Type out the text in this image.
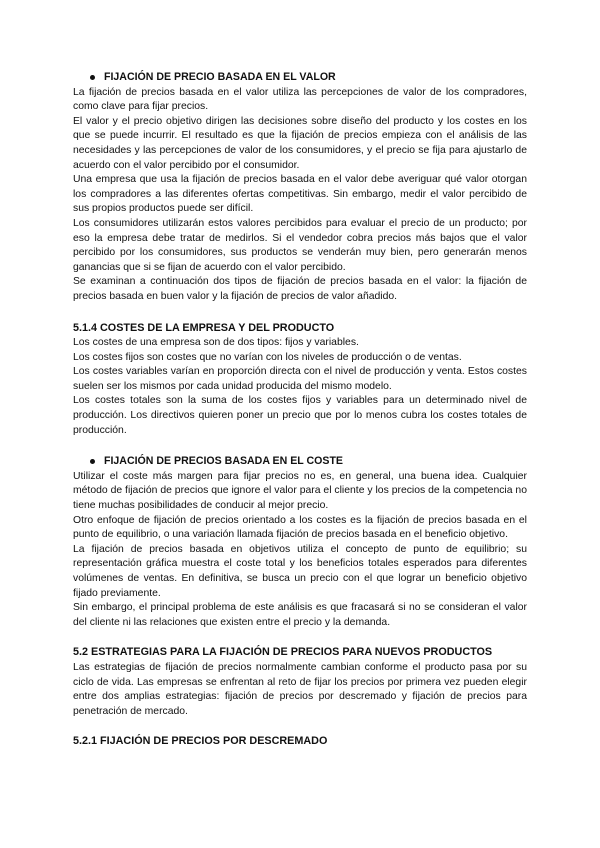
FIJACIÓN DE PRECIO BASADA EN EL VALOR

La fijación de precios basada en el valor utiliza las percepciones de valor de los compradores, como clave para fijar precios.

El valor y el precio objetivo dirigen las decisiones sobre diseño del producto y los costes en los que se puede incurrir. El resultado es que la fijación de precios empieza con el análisis de las necesidades y las percepciones de valor de los consumidores, y el precio se fija para ajustarlo de acuerdo con el valor percibido por el consumidor.

Una empresa que usa la fijación de precios basada en el valor debe averiguar qué valor otorgan los compradores a las diferentes ofertas competitivas. Sin embargo, medir el valor percibido de sus propios productos puede ser difícil.

Los consumidores utilizarán estos valores percibidos para evaluar el precio de un producto; por eso la empresa debe tratar de medirlos. Si el vendedor cobra precios más bajos que el valor percibido por los consumidores, sus productos se venderán muy bien, pero generarán menos ganancias que si se fijan de acuerdo con el valor percibido.

Se examinan a continuación dos tipos de fijación de precios basada en el valor: la fijación de precios basada en buen valor y la fijación de precios de valor añadido.

5.1.4 COSTES DE LA EMPRESA Y DEL PRODUCTO

Los costes de una empresa son de dos tipos: fijos y variables.

Los costes fijos son costes que no varían con los niveles de producción o de ventas.

Los costes variables varían en proporción directa con el nivel de producción y venta. Estos costes suelen ser los mismos por cada unidad producida del mismo modelo.

Los costes totales son la suma de los costes fijos y variables para un determinado nivel de producción. Los directivos quieren poner un precio que por lo menos cubra los costes totales de producción.

FIJACIÓN DE PRECIOS BASADA EN EL COSTE

Utilizar el coste más margen para fijar precios no es, en general, una buena idea. Cualquier método de fijación de precios que ignore el valor para el cliente y los precios de la competencia no tiene muchas posibilidades de conducir al mejor precio.

Otro enfoque de fijación de precios orientado a los costes es la fijación de precios basada en el punto de equilibrio, o una variación llamada fijación de precios basada en el beneficio objetivo.

La fijación de precios basada en objetivos utiliza el concepto de punto de equilibrio; su representación gráfica muestra el coste total y los beneficios totales esperados para diferentes volúmenes de ventas. En definitiva, se busca un precio con el que lograr un beneficio objetivo fijado previamente.

Sin embargo, el principal problema de este análisis es que fracasará si no se consideran el valor del cliente ni las relaciones que existen entre el precio y la demanda.

5.2 ESTRATEGIAS PARA LA FIJACIÓN DE PRECIOS PARA NUEVOS PRODUCTOS

Las estrategias de fijación de precios normalmente cambian conforme el producto pasa por su ciclo de vida. Las empresas se enfrentan al reto de fijar los precios por primera vez pueden elegir entre dos amplias estrategias: fijación de precios por descremado y fijación de precios para penetración de mercado.

5.2.1 FIJACIÓN DE PRECIOS POR DESCREMADO
